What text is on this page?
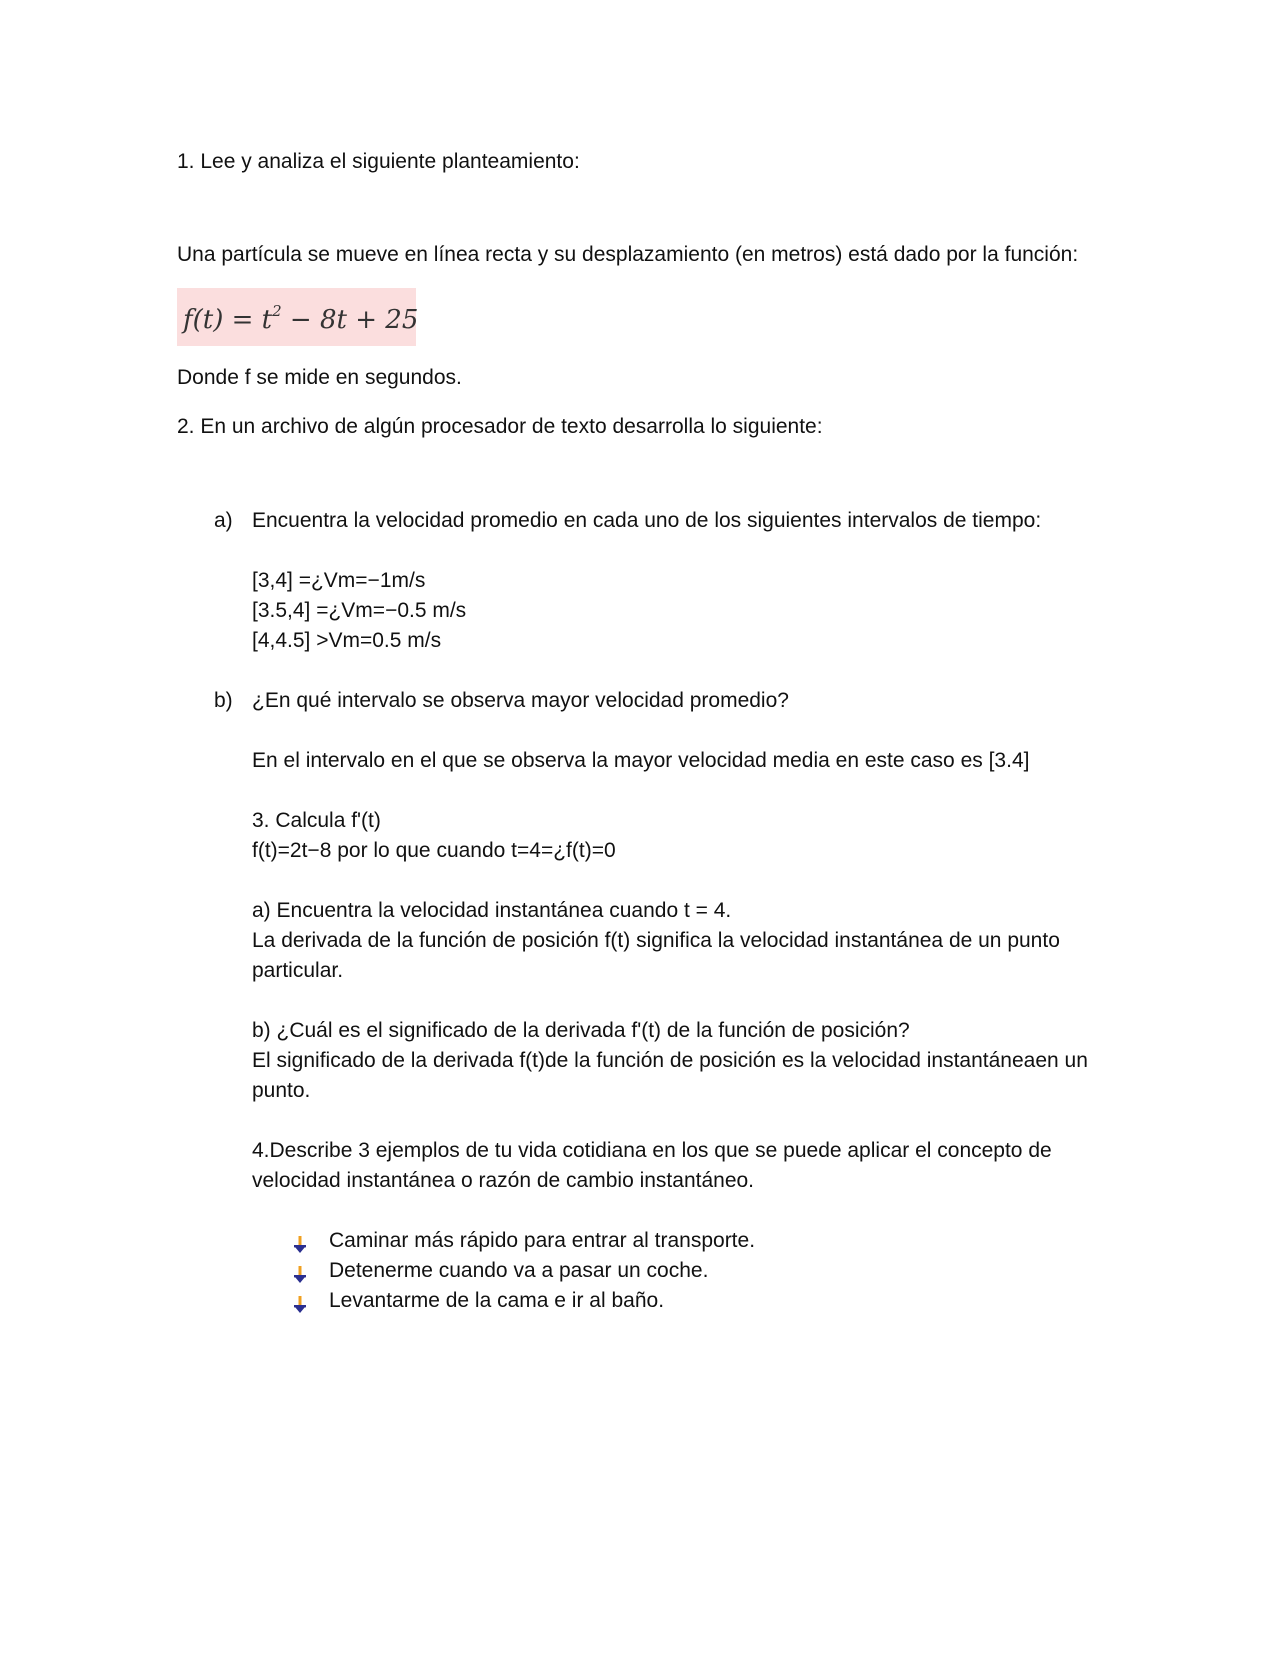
1. Lee y analiza el siguiente planteamiento:
Una partícula se mueve en línea recta y su desplazamiento (en metros) está dado por la función:
$f(t) = t^2 - 8t + 25$
Donde f se mide en segundos.
2. En un archivo de algún procesador de texto desarrolla lo siguiente:
a) Encuentra la velocidad promedio en cada uno de los siguientes intervalos de tiempo:
[3,4] =¿Vm=−1m/s
[3.5,4] =¿Vm=−0.5 m/s
[4,4.5] >Vm=0.5 m/s
b) ¿En qué intervalo se observa mayor velocidad promedio?
En el intervalo en el que se observa la mayor velocidad media en este caso es [3.4]
3. Calcula f'(t)
f(t)=2t−8 por lo que cuando t=4=¿f(t)=0
a) Encuentra la velocidad instantánea cuando t = 4.
La derivada de la función de posición f(t) significa la velocidad instantánea de un punto
particular.
b) ¿Cuál es el significado de la derivada f'(t) de la función de posición?
El significado de la derivada f(t)de la función de posición es la velocidad instantáneaen un
punto.
4.Describe 3 ejemplos de tu vida cotidiana en los que se puede aplicar el concepto de
velocidad instantánea o razón de cambio instantáneo.
Caminar más rápido para entrar al transporte.
Detenerme cuando va a pasar un coche.
Levantarme de la cama e ir al baño.
